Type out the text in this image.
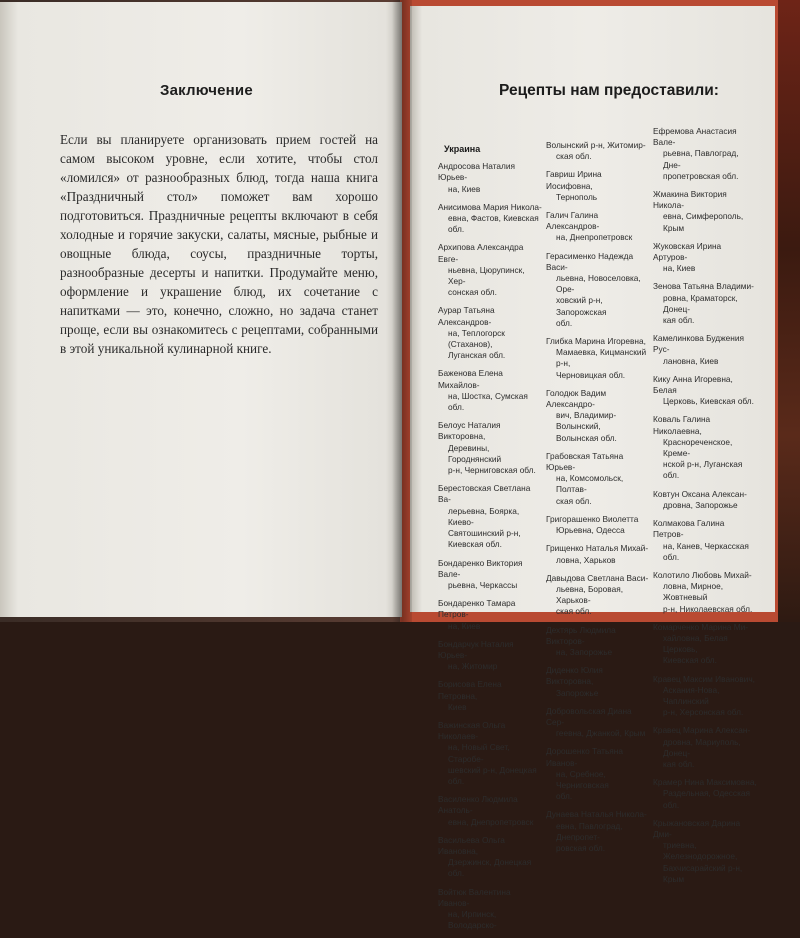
Заключение
Если вы планируете организовать прием гостей на самом высоком уровне, если хотите, чтобы стол «ломился» от разнообразных блюд, тогда наша книга «Праздничный стол» поможет вам хорошо подготовиться. Праздничные рецепты включают в себя холодные и горячие закуски, салаты, мясные, рыбные и овощные блюда, соусы, праздничные торты, разнообразные десерты и напитки. Продумайте меню, оформление и украшение блюд, их сочетание с напитками — это, конечно, сложно, но задача станет проще, если вы ознакомитесь с рецептами, собранными в этой уникальной кулинарной книге.
Рецепты нам предоставили:
Украина
Андросова Наталия Юрьев-
на, Киев
Анисимова Мария Никола-
евна, Фастов, Киевская обл.
Архипова Александра Евге-
ньевна, Цюрупинск, Хер-
сонская обл.
Аурар Татьяна Александров-
на, Теплогорск (Стаханов),
Луганская обл.
Баженова Елена Михайлов-
на, Шостка, Сумская обл.
Белоус Наталия Викторовна,
Деревины, Городнянский
р-н, Черниговская обл.
Берестовская Светлана Ва-
лерьевна, Боярка, Киево-
Святошинский р-н,
Киевская обл.
Бондаренко Виктория Вале-
рьевна, Черкассы
Бондаренко Тамара Петров-
на, Киев
Бондарчук Наталия Юрьев-
на, Житомир
Борисова Елена Петровна,
Киев
Важинская Ольга Николаев-
на, Новый Свет, Старобе-
шевский р-н, Донецкая обл.
Василенко Людмила Анатоль-
евна, Днепропетровск
Васильева Ольга Ивановна,
Дзержинск, Донецкая обл.
Войтюк Валентина Иванов-
на, Ирпинск, Володарско-
Волынский р-н, Житомир-
ская обл.
Гавриш Ирина Иосифовна,
Тернополь
Галич Галина Александров-
на, Днепропетровск
Герасименко Надежда Васи-
льевна, Новоселовка, Оре-
ховский р-н, Запорожская
обл.
Глибка Марина Игоревна,
Мамаевка, Кицманский р-н,
Черновицкая обл.
Голодюк Вадим Александро-
вич, Владимир-Волынский,
Волынская обл.
Грабовская Татьяна Юрьев-
на, Комсомольск, Полтав-
ская обл.
Григорашенко Виолетта
Юрьевна, Одесса
Грищенко Наталья Михай-
ловна, Харьков
Давыдова Светлана Васи-
льевна, Боровая, Харьков-
ская обл.
Дехтярь Людмила Викторов-
на, Запорожье
Диденко Юлия Викторовна,
Запорожье
Добровольская Диана Сер-
геевна, Джанкой, Крым
Дорошенко Татьяна Иванов-
на, Сребное, Черниговская
обл.
Дунаева Наталья Никола-
евна, Павлоград, Днепропет-
ровская обл.
Ефремова Анастасия Вале-
рьевна, Павлоград, Дне-
пропетровская обл.
Жмакина Виктория Никола-
евна, Симферополь, Крым
Жуковская Ирина Артуров-
на, Киев
Зенова Татьяна Владими-
ровна, Краматорск, Донец-
кая обл.
Камелинкова Буджения Рус-
лановна, Киев
Кику Анна Игоревна, Белая
Церковь, Киевская обл.
Коваль Галина Николаевна,
Краснореченское, Креме-
нской р-н, Луганская обл.
Ковтун Оксана Алексан-
дровна, Запорожье
Колмакова Галина Петров-
на, Канев, Черкасская обл.
Колотило Любовь Михай-
ловна, Мирное, Жовтневый
р-н, Николаевская обл.
Комарченко Марина Ми-
хайловна, Белая Церковь,
Киевская обл.
Кравец Максим Иванович,
Аскания-Нова, Чаплинский
р-н, Херсонская обл.
Кравец Марина Алексан-
дровна, Мариуполь, Донец-
кая обл.
Крамер Нина Максимовна,
Раздельная, Одесская обл.
Крыжановская Дарина Дми-
триевна, Железнодорожное,
Бахчисарайский р-н, Крым
